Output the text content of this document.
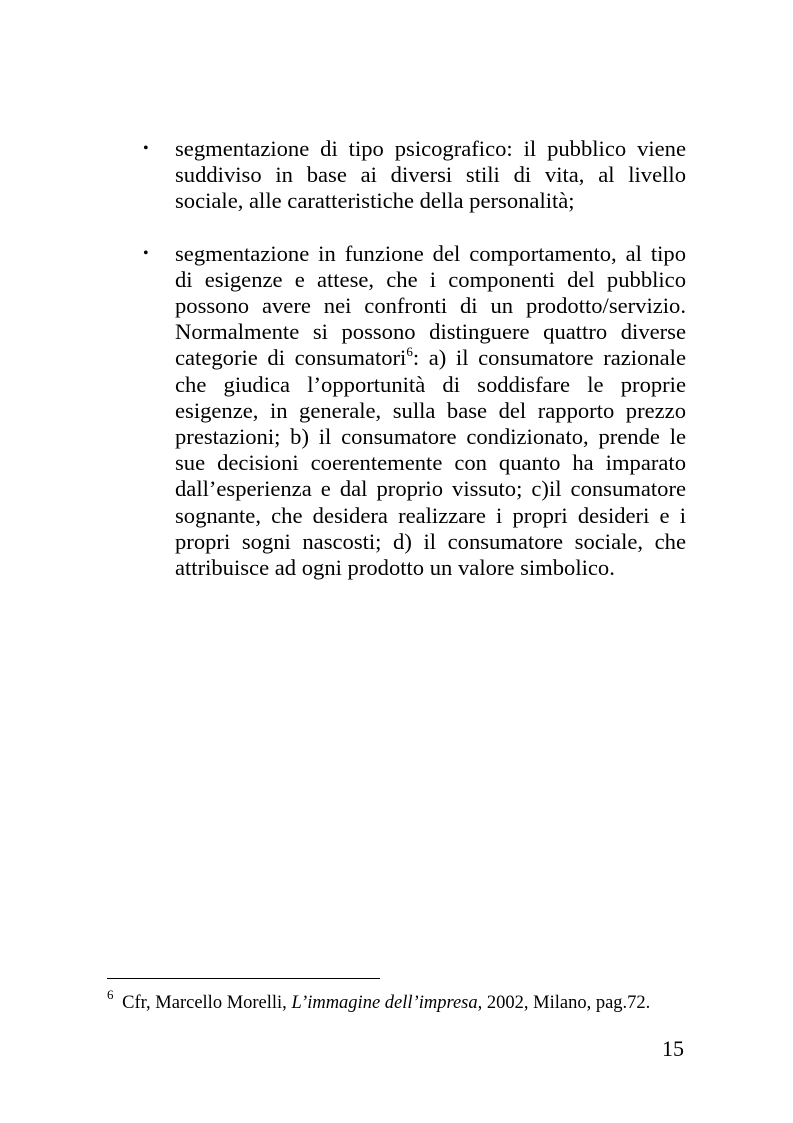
• segmentazione di tipo psicografico: il pubblico viene suddiviso in base ai diversi stili di vita, al livello sociale, alle caratteristiche della personalità;
• segmentazione in funzione del comportamento, al tipo di esigenze e attese, che i componenti del pubblico possono avere nei confronti di un prodotto/servizio. Normalmente si possono distinguere quattro diverse categorie di consumatori$^6$: a) il consumatore razionale che giudica l’opportunità di soddisfare le proprie esigenze, in generale, sulla base del rapporto prezzo prestazioni; b) il consumatore condizionato, prende le sue decisioni coerentemente con quanto ha imparato dall’esperienza e dal proprio vissuto; c)il consumatore sognante, che desidera realizzare i propri desideri e i propri sogni nascosti; d) il consumatore sociale, che attribuisce ad ogni prodotto un valore simbolico.
$^6$ Cfr, Marcello Morelli, L’immagine dell’impresa, 2002, Milano, pag.72.
15
